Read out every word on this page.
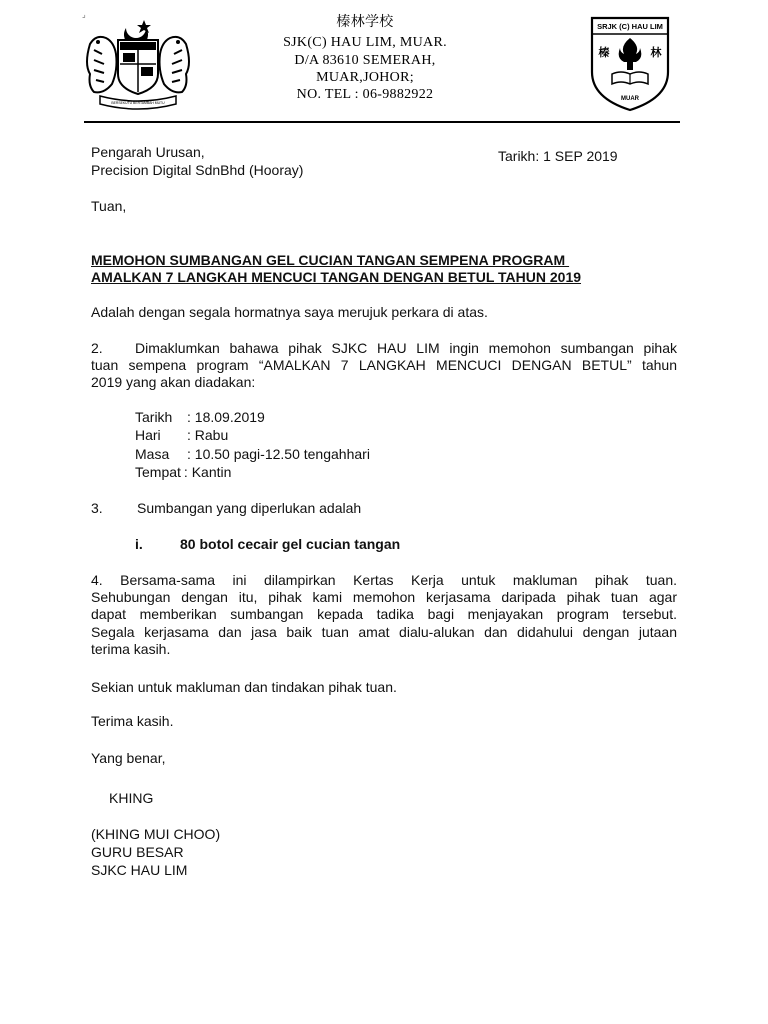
⌟
BERSEKUTU BERTAMBAH MUTU
榛林学校
SJK(C) HAU LIM, MUAR.
D/A 83610 SEMERAH,
MUAR,JOHOR;
NO. TEL : 06-9882922
SRJK (C) HAU LIM
榛	林
MUAR
Pengarah Urusan,
Precision Digital SdnBhd (Hooray)
Tarikh: 1 SEP 2019
Tuan,
MEMOHON SUMBANGAN GEL CUCIAN TANGAN SEMPENA PROGRAM
AMALKAN 7 LANGKAH MENCUCI TANGAN DENGAN BETUL TAHUN 2019
Adalah dengan segala hormatnya saya merujuk perkara di atas.
2. Dimaklumkan bahawa pihak SJKC HAU LIM ingin memohon sumbangan pihak
tuan sempena program “AMALKAN 7 LANGKAH MENCUCI DENGAN BETUL” tahun
2019 yang akan diadakan:
Tarikh : 18.09.2019
Hari : Rabu
Masa : 10.50 pagi-12.50 tengahhari
Tempat : Kantin
3. Sumbangan yang diperlukan adalah
i.	80 botol cecair gel cucian tangan
4. Bersama-sama ini dilampirkan Kertas Kerja untuk makluman pihak tuan.
Sehubungan dengan itu, pihak kami memohon kerjasama daripada pihak tuan agar
dapat memberikan sumbangan kepada tadika bagi menjayakan program tersebut.
Segala kerjasama dan jasa baik tuan amat dialu-alukan dan didahului dengan jutaan
terima kasih.
Sekian untuk makluman dan tindakan pihak tuan.
Terima kasih.
Yang benar,
KHING
(KHING MUI CHOO)
GURU BESAR
SJKC HAU LIM
